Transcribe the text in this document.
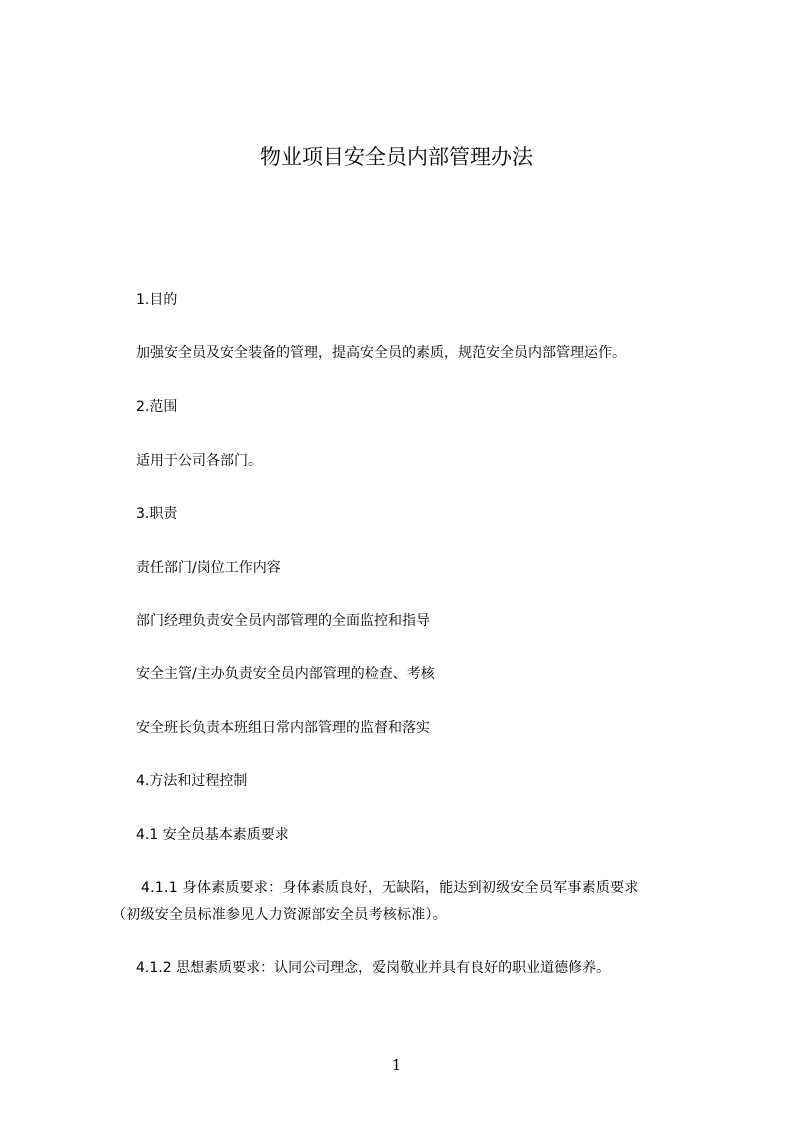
物业项目安全员内部管理办法
1.目的
加强安全员及安全装备的管理，提高安全员的素质，规范安全员内部管理运作。
2.范围
适用于公司各部门。
3.职责
责任部门/岗位工作内容
部门经理负责安全员内部管理的全面监控和指导
安全主管/主办负责安全员内部管理的检查、考核
安全班长负责本班组日常内部管理的监督和落实
4.方法和过程控制
4.1 安全员基本素质要求
4.1.1 身体素质要求：身体素质良好，无缺陷，能达到初级安全员军事素质要求
（初级安全员标准参见人力资源部安全员考核标准）。
4.1.2 思想素质要求：认同公司理念，爱岗敬业并具有良好的职业道德修养。
1
